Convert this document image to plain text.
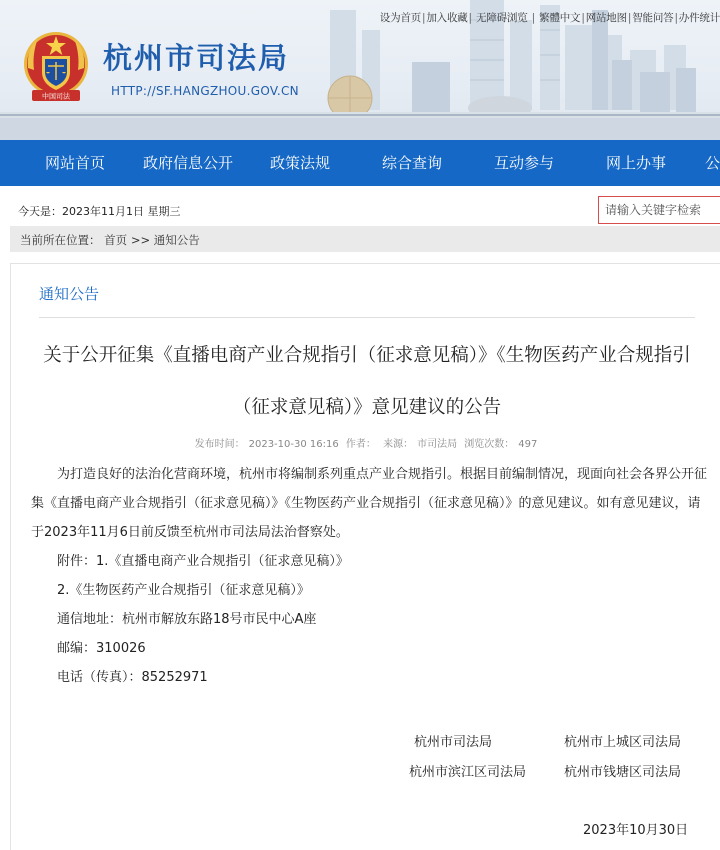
设为首页|加入收藏| 无障碍浏览 | 繁體中文|网站地图|智能问答|办件统计
中国司法
杭州市司法局
HTTP://SF.HANGZHOU.GOV.CN
网站首页	政府信息公开 政策法规	综合查询	互动参与	网上办事	公
今天是：2023年11月1日 星期三
请输入关键字检索
当前所在位置： 首页 >> 通知公告
通知公告
关于公开征集《直播电商产业合规指引（征求意见稿）》《生物医药产业合规指引（征求意见稿）》意见建议的公告
发布时间： 2023-10-30 16:16 作者： 来源： 市司法局 浏览次数： 497

为打造良好的法治化营商环境，杭州市将编制系列重点产业合规指引。根据目前编制情况，现面向社会各界公开征集《直播电商产业合规指引（征求意见稿）》《生物医药产业合规指引（征求意见稿）》的意见建议。如有意见建议，请于2023年11月6日前反馈至杭州市司法局法治督察处。

附件：1.《直播电商产业合规指引（征求意见稿）》

2.《生物医药产业合规指引（征求意见稿）》

通信地址：杭州市解放东路18号市民中心A座

邮编：310026

电话（传真）：85252971

杭州市司法局	杭州市上城区司法局
杭州市滨江区司法局	杭州市钱塘区司法局
2023年10月30日
